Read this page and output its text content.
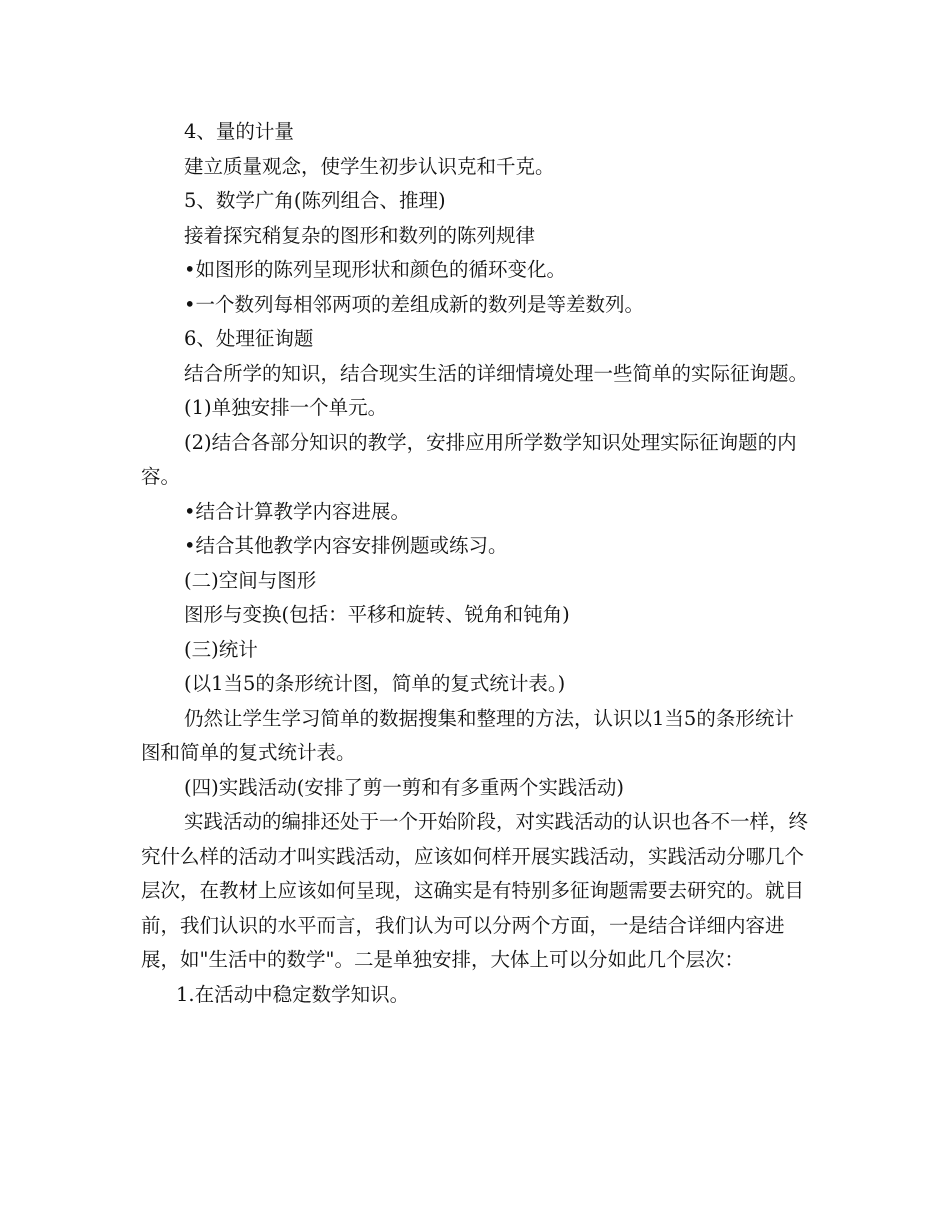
4、量的计量

建立质量观念，使学生初步认识克和千克。

5、数学广角(陈列组合、推理)

接着探究稍复杂的图形和数列的陈列规律

•如图形的陈列呈现形状和颜色的循环变化。

•一个数列每相邻两项的差组成新的数列是等差数列。

6、处理征询题

结合所学的知识，结合现实生活的详细情境处理一些简单的实际征询题。

(1)单独安排一个单元。

(2)结合各部分知识的教学，安排应用所学数学知识处理实际征询题的内容。

•结合计算教学内容进展。

•结合其他教学内容安排例题或练习。

(二)空间与图形

图形与变换(包括：平移和旋转、锐角和钝角)

(三)统计

(以1当5的条形统计图，简单的复式统计表。)

仍然让学生学习简单的数据搜集和整理的方法，认识以1当5的条形统计图和简单的复式统计表。

(四)实践活动(安排了剪一剪和有多重两个实践活动)

实践活动的编排还处于一个开始阶段，对实践活动的认识也各不一样，终究什么样的活动才叫实践活动，应该如何样开展实践活动，实践活动分哪几个层次，在教材上应该如何呈现，这确实是有特别多征询题需要去研究的。就目前，我们认识的水平而言，我们认为可以分两个方面，一是结合详细内容进展，如"生活中的数学"。二是单独安排，大体上可以分如此几个层次：

1.在活动中稳定数学知识。
